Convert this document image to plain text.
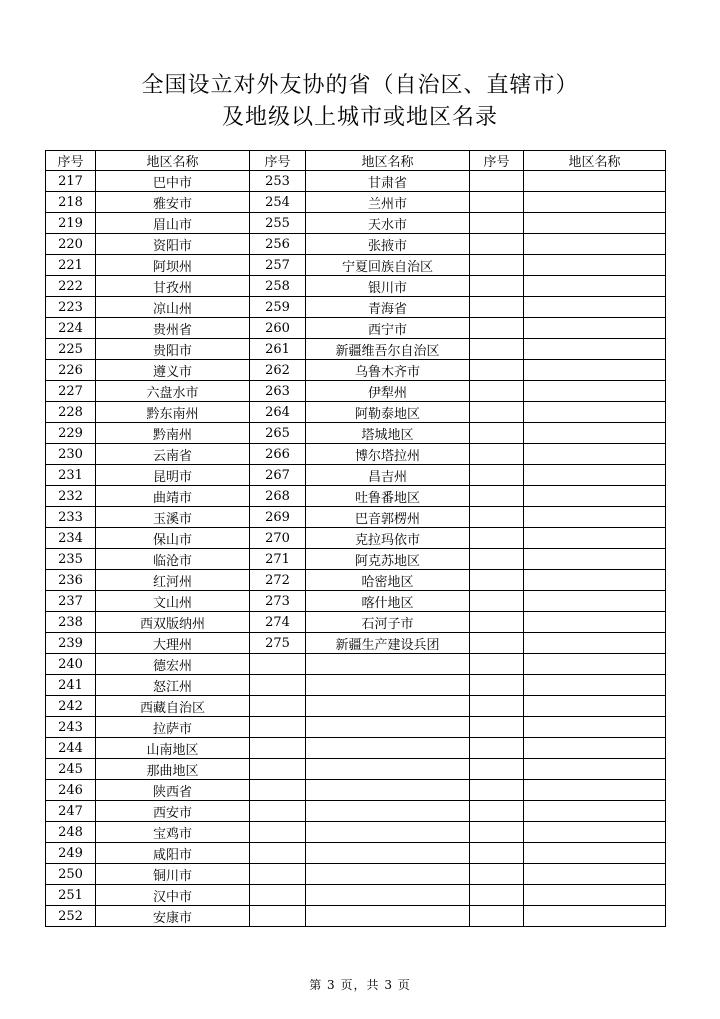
全国设立对外友协的省（自治区、直辖市）
及地级以上城市或地区名录
序号	地区名称	序号	地区名称	序号	地区名称
217	巴中市	253	甘肃省		
218	雅安市	254	兰州市		
219	眉山市	255	天水市		
220	资阳市	256	张掖市		
221	阿坝州	257	宁夏回族自治区		
222	甘孜州	258	银川市		
223	凉山州	259	青海省		
224	贵州省	260	西宁市		
225	贵阳市	261	新疆维吾尔自治区		
226	遵义市	262	乌鲁木齐市		
227	六盘水市	263	伊犁州		
228	黔东南州	264	阿勒泰地区		
229	黔南州	265	塔城地区		
230	云南省	266	博尔塔拉州		
231	昆明市	267	昌吉州		
232	曲靖市	268	吐鲁番地区		
233	玉溪市	269	巴音郭楞州		
234	保山市	270	克拉玛依市		
235	临沧市	271	阿克苏地区		
236	红河州	272	哈密地区		
237	文山州	273	喀什地区		
238	西双版纳州	274	石河子市		
239	大理州	275	新疆生产建设兵团		
240	德宏州				
241	怒江州				
242	西藏自治区				
243	拉萨市				
244	山南地区				
245	那曲地区				
246	陕西省				
247	西安市				
248	宝鸡市				
249	咸阳市				
250	铜川市				
251	汉中市				
252	安康市				
第 3 页，共 3 页
